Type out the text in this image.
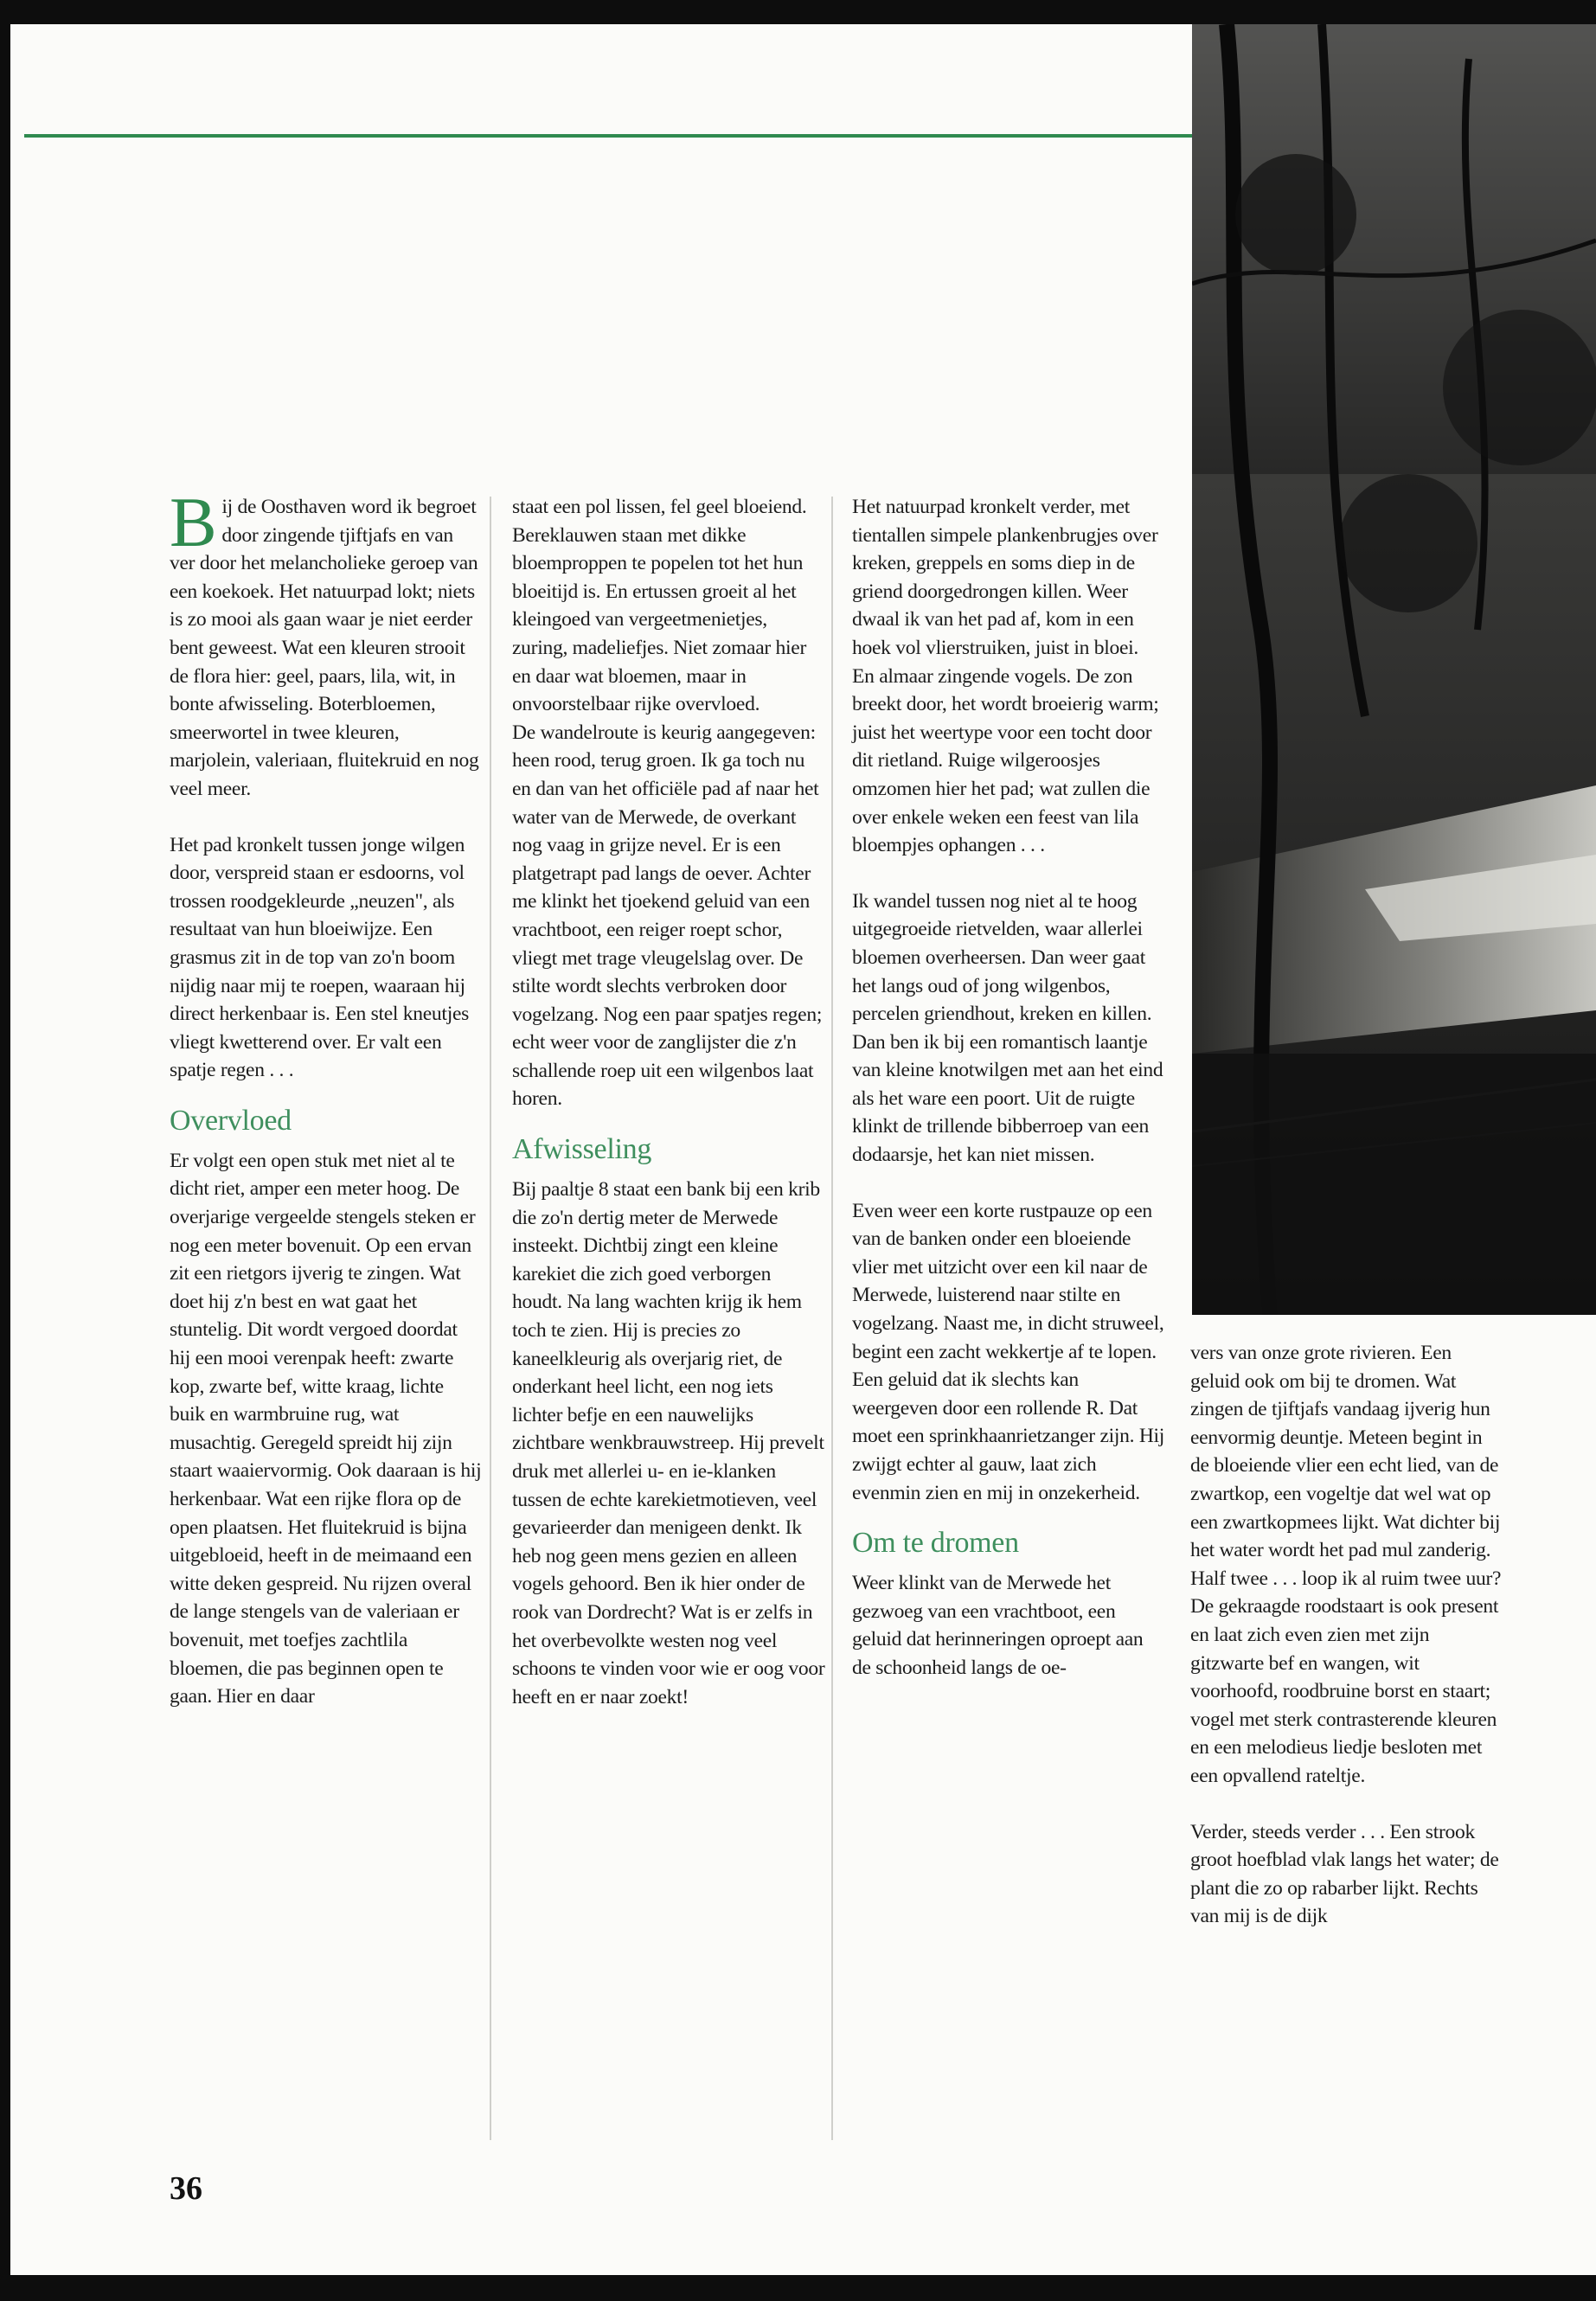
Bij de Oosthaven word ik begroet door zingende tjiftjafs en van ver door het melancholieke geroep van een koekoek. Het natuurpad lokt; niets is zo mooi als gaan waar je niet eerder bent geweest. Wat een kleuren strooit de flora hier: geel, paars, lila, wit, in bonte afwisseling. Boterbloemen, smeerwortel in twee kleuren, marjolein, valeriaan, fluitekruid en nog veel meer.

Het pad kronkelt tussen jonge wilgen door, verspreid staan er esdoorns, vol trossen roodgekleurde „neuzen", als resultaat van hun bloeiwijze. Een grasmus zit in de top van zo'n boom nijdig naar mij te roepen, waaraan hij direct herkenbaar is. Een stel kneutjes vliegt kwetterend over. Er valt een spatje regen . . .

Overvloed

Er volgt een open stuk met niet al te dicht riet, amper een meter hoog. De overjarige vergeelde stengels steken er nog een meter bovenuit. Op een ervan zit een rietgors ijverig te zingen. Wat doet hij z'n best en wat gaat het stuntelig. Dit wordt vergoed doordat hij een mooi verenpak heeft: zwarte kop, zwarte bef, witte kraag, lichte buik en warmbruine rug, wat musachtig. Geregeld spreidt hij zijn staart waaiervormig. Ook daaraan is hij herkenbaar. Wat een rijke flora op de open plaatsen. Het fluitekruid is bijna uitgebloeid, heeft in de meimaand een witte deken gespreid. Nu rijzen overal de lange stengels van de valeriaan er bovenuit, met toefjes zachtlila bloemen, die pas beginnen open te gaan. Hier en daar

staat een pol lissen, fel geel bloeiend. Bereklauwen staan met dikke bloemproppen te popelen tot het hun bloeitijd is. En ertussen groeit al het kleingoed van vergeetmenietjes, zuring, madeliefjes. Niet zomaar hier en daar wat bloemen, maar in onvoorstelbaar rijke overvloed.
De wandelroute is keurig aangegeven: heen rood, terug groen. Ik ga toch nu en dan van het officiële pad af naar het water van de Merwede, de overkant nog vaag in grijze nevel. Er is een platgetrapt pad langs de oever. Achter me klinkt het tjoekend geluid van een vrachtboot, een reiger roept schor, vliegt met trage vleugelslag over. De stilte wordt slechts verbroken door vogelzang. Nog een paar spatjes regen; echt weer voor de zanglijster die z'n schallende roep uit een wilgenbos laat horen.

Afwisseling

Bij paaltje 8 staat een bank bij een krib die zo'n dertig meter de Merwede insteekt. Dichtbij zingt een kleine karekiet die zich goed verborgen houdt. Na lang wachten krijg ik hem toch te zien. Hij is precies zo kaneelkleurig als overjarig riet, de onderkant heel licht, een nog iets lichter befje en een nauwelijks zichtbare wenkbrauwstreep. Hij prevelt druk met allerlei u- en ie-klanken tussen de echte karekietmotieven, veel gevarieerder dan menigeen denkt. Ik heb nog geen mens gezien en alleen vogels gehoord. Ben ik hier onder de rook van Dordrecht? Wat is er zelfs in het overbevolkte westen nog veel schoons te vinden voor wie er oog voor heeft en er naar zoekt!

Het natuurpad kronkelt verder, met tientallen simpele plankenbrugjes over kreken, greppels en soms diep in de griend doorgedrongen killen. Weer dwaal ik van het pad af, kom in een hoek vol vlierstruiken, juist in bloei. En almaar zingende vogels. De zon breekt door, het wordt broeierig warm; juist het weertype voor een tocht door dit rietland. Ruige wilgeroosjes omzomen hier het pad; wat zullen die over enkele weken een feest van lila bloempjes ophangen . . .

Ik wandel tussen nog niet al te hoog uitgegroeide rietvelden, waar allerlei bloemen overheersen. Dan weer gaat het langs oud of jong wilgenbos, percelen griendhout, kreken en killen. Dan ben ik bij een romantisch laantje van kleine knotwilgen met aan het eind als het ware een poort. Uit de ruigte klinkt de trillende bibberroep van een dodaarsje, het kan niet missen.

Even weer een korte rustpauze op een van de banken onder een bloeiende vlier met uitzicht over een kil naar de Merwede, luisterend naar stilte en vogelzang. Naast me, in dicht struweel, begint een zacht wekkertje af te lopen. Een geluid dat ik slechts kan weergeven door een rollende R. Dat moet een sprinkhaanrietzanger zijn. Hij zwijgt echter al gauw, laat zich evenmin zien en mij in onzekerheid.

Om te dromen

Weer klinkt van de Merwede het gezwoeg van een vrachtboot, een geluid dat herinneringen oproept aan de schoonheid langs de oe-

vers van onze grote rivieren. Een geluid ook om bij te dromen. Wat zingen de tjiftjafs vandaag ijverig hun eenvormig deuntje. Meteen begint in de bloeiende vlier een echt lied, van de zwartkop, een vogeltje dat wel wat op een zwartkopmees lijkt. Wat dichter bij het water wordt het pad mul zanderig. Half twee . . . loop ik al ruim twee uur? De gekraagde roodstaart is ook present en laat zich even zien met zijn gitzwarte bef en wangen, wit voorhoofd, roodbruine borst en staart; vogel met sterk contrasterende kleuren en een melodieus liedje besloten met een opvallend rateltje.

Verder, steeds verder . . . Een strook groot hoefblad vlak langs het water; de plant die zo op rabarber lijkt. Rechts van mij is de dijk

36
